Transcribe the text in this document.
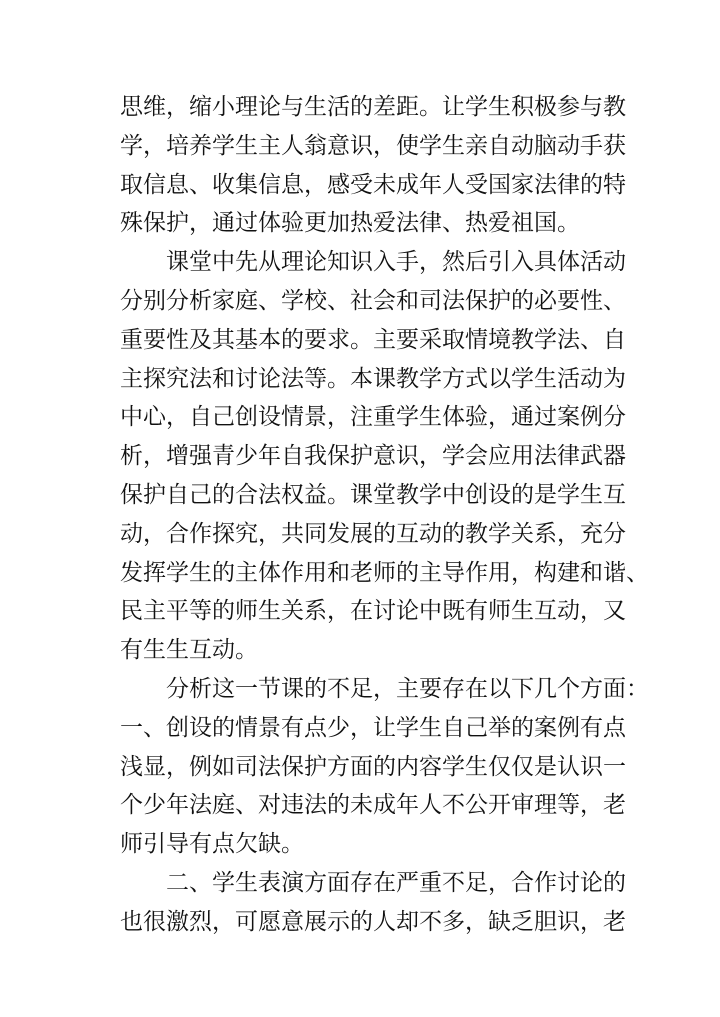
思维，缩小理论与生活的差距。让学生积极参与教
学，培养学生主人翁意识，使学生亲自动脑动手获
取信息、收集信息，感受未成年人受国家法律的特
殊保护，通过体验更加热爱法律、热爱祖国。
课堂中先从理论知识入手，然后引入具体活动
分别分析家庭、学校、社会和司法保护的必要性、
重要性及其基本的要求。主要采取情境教学法、自
主探究法和讨论法等。本课教学方式以学生活动为
中心，自己创设情景，注重学生体验，通过案例分
析，增强青少年自我保护意识，学会应用法律武器
保护自己的合法权益。课堂教学中创设的是学生互
动，合作探究，共同发展的互动的教学关系，充分
发挥学生的主体作用和老师的主导作用，构建和谐、
民主平等的师生关系，在讨论中既有师生互动，又
有生生互动。
分析这一节课的不足，主要存在以下几个方面：
一、创设的情景有点少，让学生自己举的案例有点
浅显，例如司法保护方面的内容学生仅仅是认识一
个少年法庭、对违法的未成年人不公开审理等，老
师引导有点欠缺。
二、学生表演方面存在严重不足，合作讨论的
也很激烈，可愿意展示的人却不多，缺乏胆识，老
